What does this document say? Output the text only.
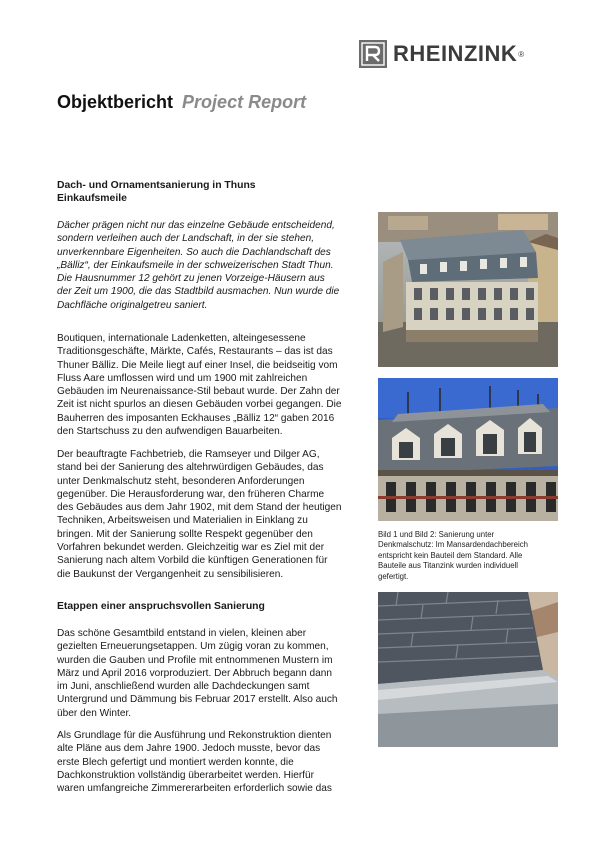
RHEINZINK ®
Objektbericht Project Report

Dach- und Ornamentsanierung in Thuns
Einkaufsmeile

Dächer prägen nicht nur das einzelne Gebäude entscheidend,
sondern verleihen auch der Landschaft, in der sie stehen,
unverkennbare Eigenheiten. So auch die Dachlandschaft des
„Bälliz“, der Einkaufsmeile in der schweizerischen Stadt Thun.
Die Hausnummer 12 gehört zu jenen Vorzeige-Häusern aus
der Zeit um 1900, die das Stadtbild ausmachen. Nun wurde die
Dachfläche originalgetreu saniert.

Boutiquen, internationale Ladenketten, alteingesessene
Traditionsgeschäfte, Märkte, Cafés, Restaurants – das ist das
Thuner Bälliz. Die Meile liegt auf einer Insel, die beidseitig vom
Fluss Aare umflossen wird und um 1900 mit zahlreichen
Gebäuden im Neurenaissance-Stil bebaut wurde. Der Zahn der
Zeit ist nicht spurlos an diesen Gebäuden vorbei gegangen. Die
Bauherren des imposanten Eckhauses „Bälliz 12“ gaben 2016
den Startschuss zu den aufwendigen Bauarbeiten.

Der beauftragte Fachbetrieb, die Ramseyer und Dilger AG,
stand bei der Sanierung des altehrwürdigen Gebäudes, das
unter Denkmalschutz steht, besonderen Anforderungen
gegenüber. Die Herausforderung war, den früheren Charme
des Gebäudes aus dem Jahr 1902, mit dem Stand der heutigen
Techniken, Arbeitsweisen und Materialien in Einklang zu
bringen. Mit der Sanierung sollte Respekt gegenüber den
Vorfahren bekundet werden. Gleichzeitig war es Ziel mit der
Sanierung nach altem Vorbild die künftigen Generationen für
die Baukunst der Vergangenheit zu sensibilisieren.

Etappen einer anspruchsvollen Sanierung

Das schöne Gesamtbild entstand in vielen, kleinen aber
gezielten Erneuerungsetappen. Um zügig voran zu kommen,
wurden die Gauben und Profile mit entnommenen Mustern im
März und April 2016 vorproduziert. Der Abbruch begann dann
im Juni, anschließend wurden alle Dachdeckungen samt
Untergrund und Dämmung bis Februar 2017 erstellt. Also auch
über den Winter.

Als Grundlage für die Ausführung und Rekonstruktion dienten
alte Pläne aus dem Jahre 1900. Jedoch musste, bevor das
erste Blech gefertigt und montiert werden konnte, die
Dachkonstruktion vollständig überarbeitet werden. Hierfür
waren umfangreiche Zimmererarbeiten erforderlich sowie das

Bild 1 und Bild 2: Sanierung unter
Denkmalschutz: Im Mansardendachbereich
entspricht kein Bauteil dem Standard. Alle
Bauteile aus Titanzink wurden individuell
gefertigt.
